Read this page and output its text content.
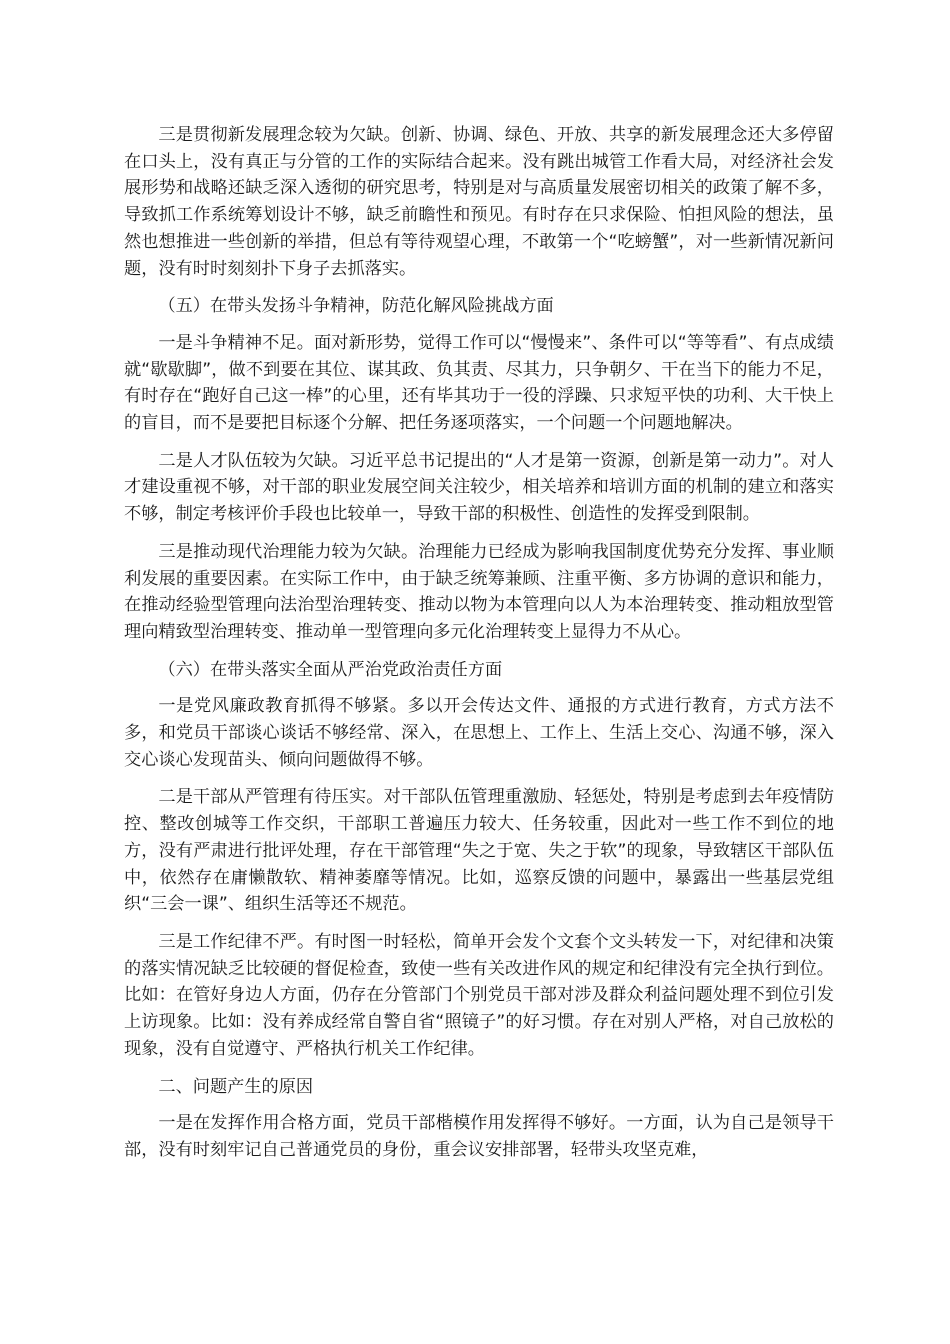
三是贯彻新发展理念较为欠缺。创新、协调、绿色、开放、共享的新发展理念还大多停留在口头上，没有真正与分管的工作的实际结合起来。没有跳出城管工作看大局，对经济社会发展形势和战略还缺乏深入透彻的研究思考，特别是对与高质量发展密切相关的政策了解不多，导致抓工作系统筹划设计不够，缺乏前瞻性和预见。有时存在只求保险、怕担风险的想法，虽然也想推进一些创新的举措，但总有等待观望心理，不敢第一个“吃螃蟹”，对一些新情况新问题，没有时时刻刻扑下身子去抓落实。

（五）在带头发扬斗争精神，防范化解风险挑战方面

一是斗争精神不足。面对新形势，觉得工作可以“慢慢来”、条件可以“等等看”、有点成绩就“歇歇脚”，做不到要在其位、谋其政、负其责、尽其力，只争朝夕、干在当下的能力不足，有时存在“跑好自己这一棒”的心里，还有毕其功于一役的浮躁、只求短平快的功利、大干快上的盲目，而不是要把目标逐个分解、把任务逐项落实，一个问题一个问题地解决。

二是人才队伍较为欠缺。习近平总书记提出的“人才是第一资源，创新是第一动力”。对人才建设重视不够，对干部的职业发展空间关注较少，相关培养和培训方面的机制的建立和落实不够，制定考核评价手段也比较单一，导致干部的积极性、创造性的发挥受到限制。

三是推动现代治理能力较为欠缺。治理能力已经成为影响我国制度优势充分发挥、事业顺利发展的重要因素。在实际工作中，由于缺乏统筹兼顾、注重平衡、多方协调的意识和能力，在推动经验型管理向法治型治理转变、推动以物为本管理向以人为本治理转变、推动粗放型管理向精致型治理转变、推动单一型管理向多元化治理转变上显得力不从心。

（六）在带头落实全面从严治党政治责任方面

一是党风廉政教育抓得不够紧。多以开会传达文件、通报的方式进行教育，方式方法不多，和党员干部谈心谈话不够经常、深入，在思想上、工作上、生活上交心、沟通不够，深入交心谈心发现苗头、倾向问题做得不够。

二是干部从严管理有待压实。对干部队伍管理重激励、轻惩处，特别是考虑到去年疫情防控、整改创城等工作交织，干部职工普遍压力较大、任务较重，因此对一些工作不到位的地方，没有严肃进行批评处理，存在干部管理“失之于宽、失之于软”的现象，导致辖区干部队伍中，依然存在庸懒散软、精神萎靡等情况。比如，巡察反馈的问题中，暴露出一些基层党组织“三会一课”、组织生活等还不规范。

三是工作纪律不严。有时图一时轻松，简单开会发个文套个文头转发一下，对纪律和决策的落实情况缺乏比较硬的督促检查，致使一些有关改进作风的规定和纪律没有完全执行到位。比如：在管好身边人方面，仍存在分管部门个别党员干部对涉及群众利益问题处理不到位引发上访现象。比如：没有养成经常自警自省“照镜子”的好习惯。存在对别人严格，对自己放松的现象，没有自觉遵守、严格执行机关工作纪律。

二、问题产生的原因

一是在发挥作用合格方面，党员干部楷模作用发挥得不够好。一方面，认为自己是领导干部，没有时刻牢记自己普通党员的身份，重会议安排部署，轻带头攻坚克难，
